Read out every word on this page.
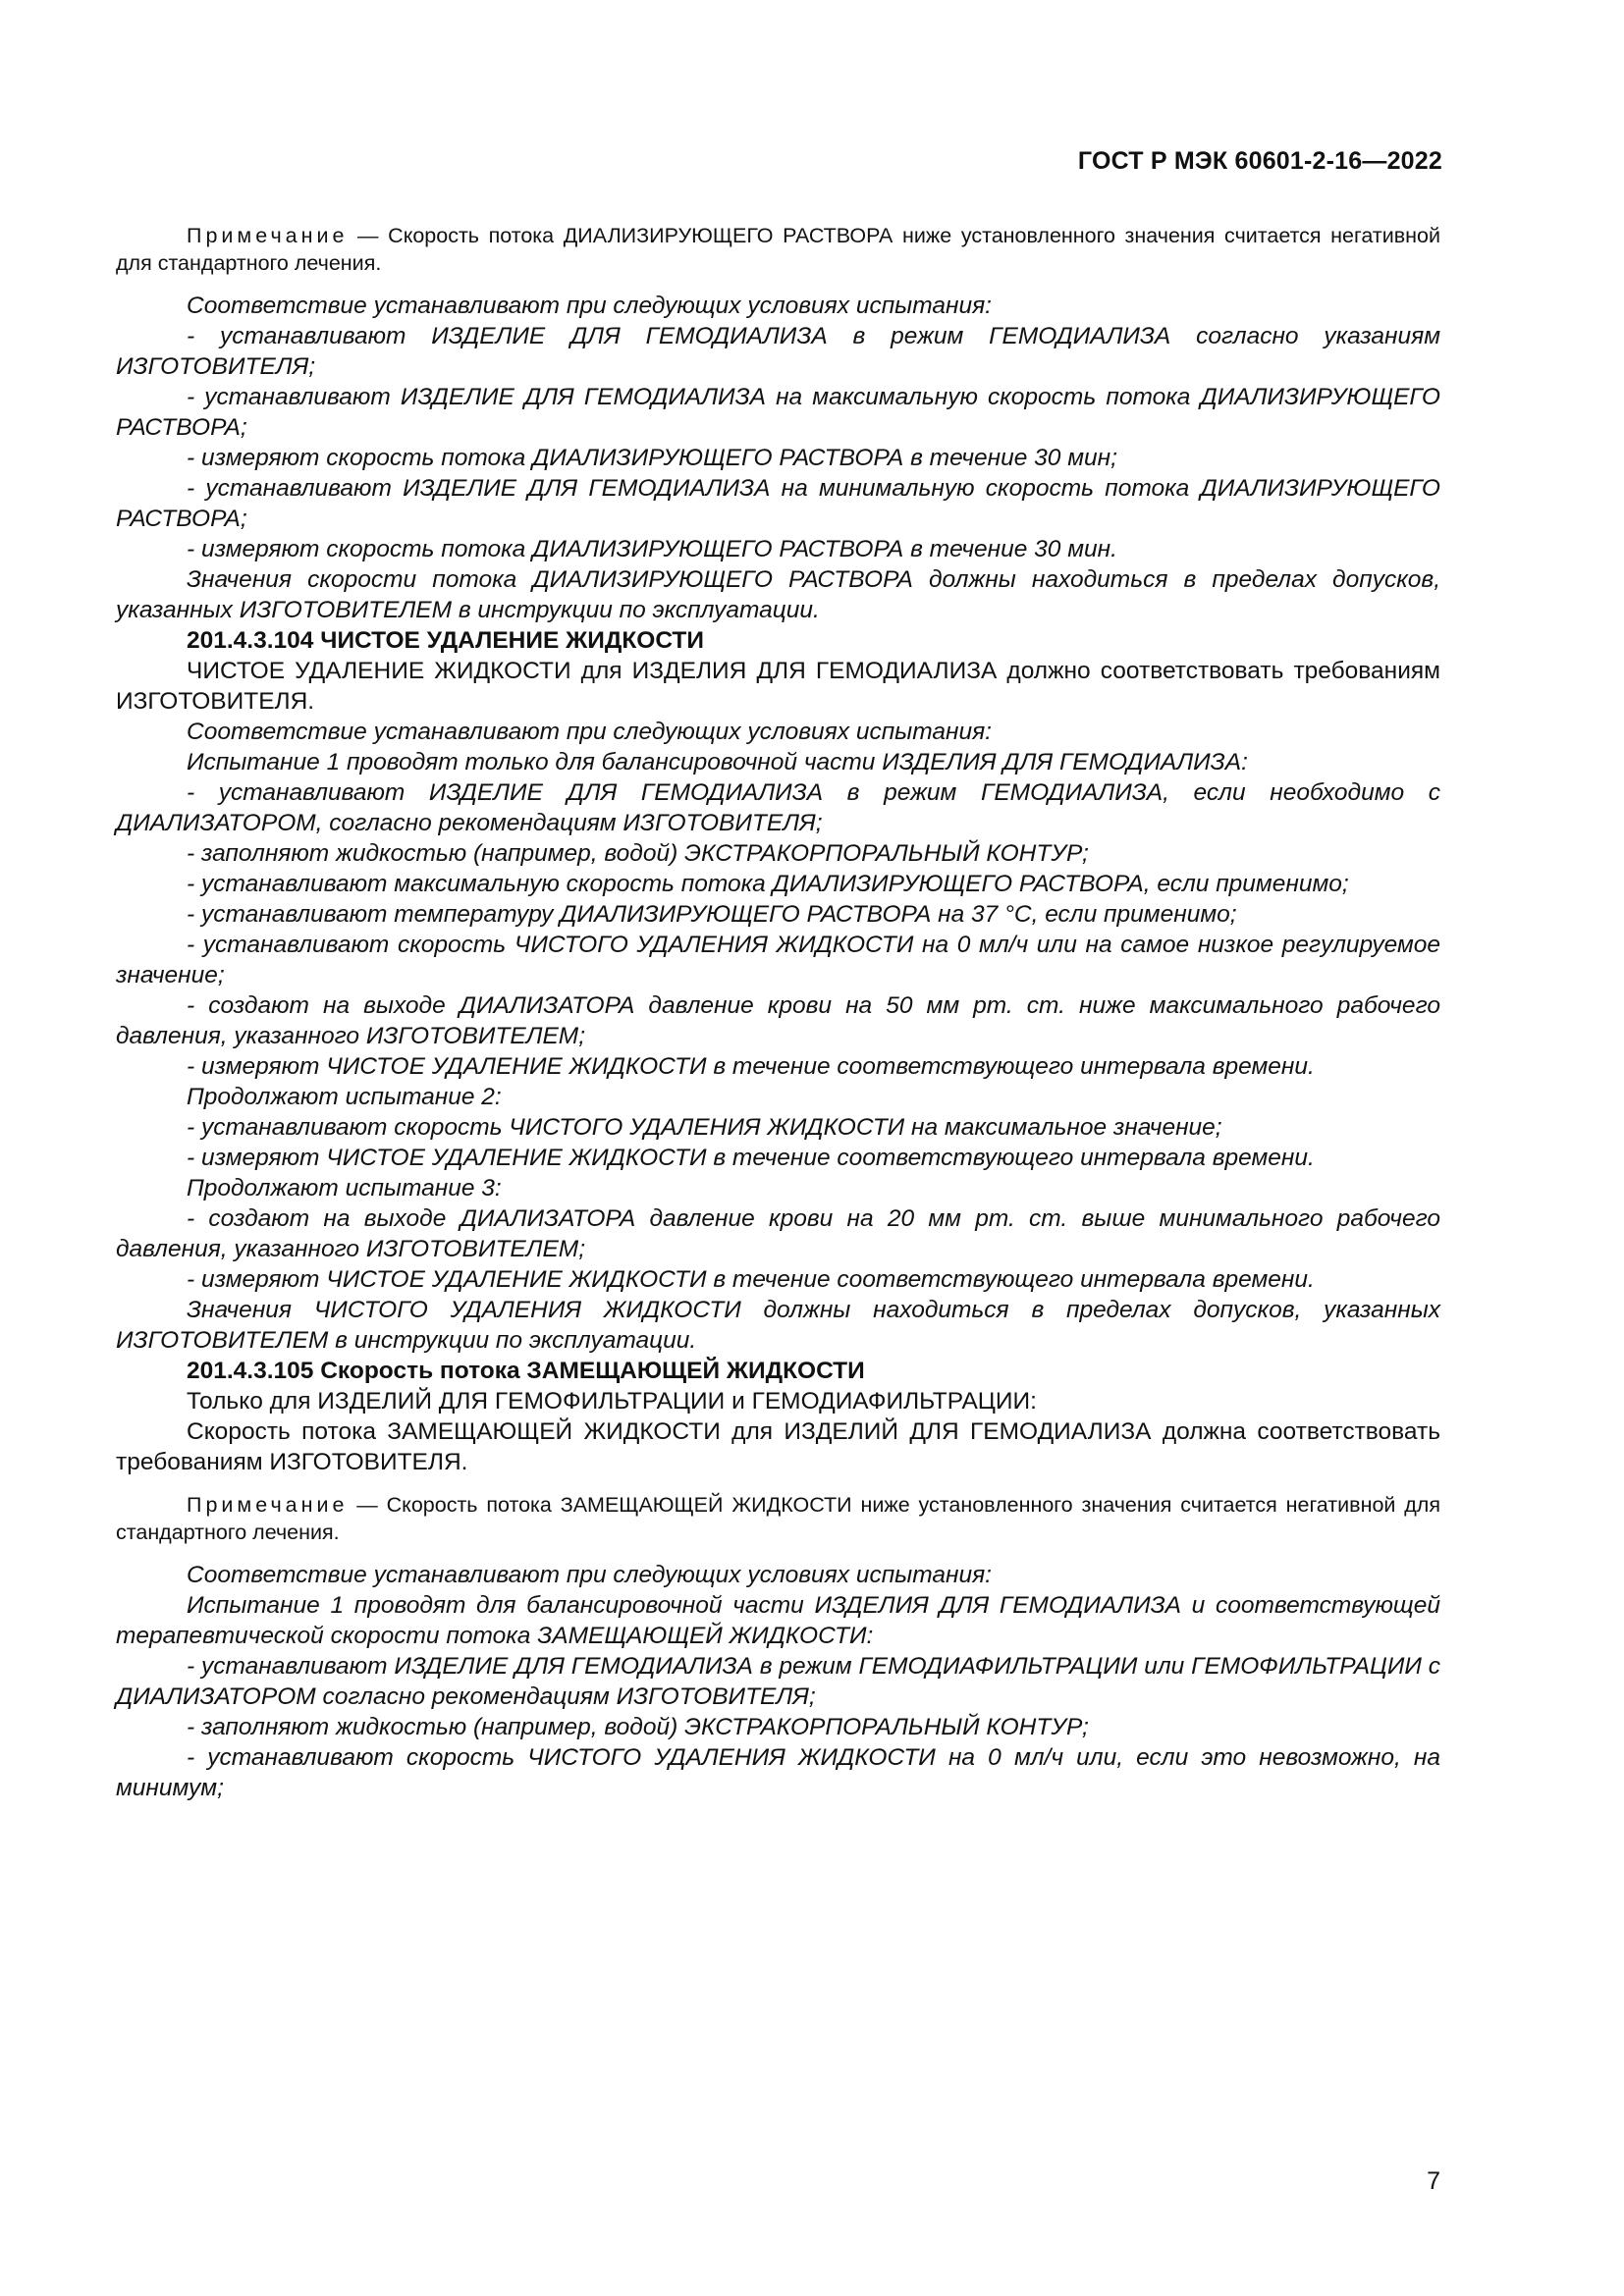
ГОСТ Р МЭК 60601-2-16—2022

Примечание — Скорость потока ДИАЛИЗИРУЮЩЕГО РАСТВОРА ниже установленного значения считается негативной для стандартного лечения.

Соответствие устанавливают при следующих условиях испытания:

- устанавливают ИЗДЕЛИЕ ДЛЯ ГЕМОДИАЛИЗА в режим ГЕМОДИАЛИЗА согласно указаниям ИЗГОТОВИТЕЛЯ;

- устанавливают ИЗДЕЛИЕ ДЛЯ ГЕМОДИАЛИЗА на максимальную скорость потока ДИАЛИЗИРУЮЩЕГО РАСТВОРА;

- измеряют скорость потока ДИАЛИЗИРУЮЩЕГО РАСТВОРА в течение 30 мин;

- устанавливают ИЗДЕЛИЕ ДЛЯ ГЕМОДИАЛИЗА на минимальную скорость потока ДИАЛИЗИРУЮЩЕГО РАСТВОРА;

- измеряют скорость потока ДИАЛИЗИРУЮЩЕГО РАСТВОРА в течение 30 мин.

Значения скорости потока ДИАЛИЗИРУЮЩЕГО РАСТВОРА должны находиться в пределах допусков, указанных ИЗГОТОВИТЕЛЕМ в инструкции по эксплуатации.

201.4.3.104 ЧИСТОЕ УДАЛЕНИЕ ЖИДКОСТИ

ЧИСТОЕ УДАЛЕНИЕ ЖИДКОСТИ для ИЗДЕЛИЯ ДЛЯ ГЕМОДИАЛИЗА должно соответствовать требованиям ИЗГОТОВИТЕЛЯ.

Соответствие устанавливают при следующих условиях испытания:

Испытание 1 проводят только для балансировочной части ИЗДЕЛИЯ ДЛЯ ГЕМОДИАЛИЗА:

- устанавливают ИЗДЕЛИЕ ДЛЯ ГЕМОДИАЛИЗА в режим ГЕМОДИАЛИЗА, если необходимо с ДИАЛИЗАТОРОМ, согласно рекомендациям ИЗГОТОВИТЕЛЯ;

- заполняют жидкостью (например, водой) ЭКСТРАКОРПОРАЛЬНЫЙ КОНТУР;

- устанавливают максимальную скорость потока ДИАЛИЗИРУЮЩЕГО РАСТВОРА, если применимо;

- устанавливают температуру ДИАЛИЗИРУЮЩЕГО РАСТВОРА на 37 °C, если применимо;

- устанавливают скорость ЧИСТОГО УДАЛЕНИЯ ЖИДКОСТИ на 0 мл/ч или на самое низкое регулируемое значение;

- создают на выходе ДИАЛИЗАТОРА давление крови на 50 мм рт. ст. ниже максимального рабочего давления, указанного ИЗГОТОВИТЕЛЕМ;

- измеряют ЧИСТОЕ УДАЛЕНИЕ ЖИДКОСТИ в течение соответствующего интервала времени.

Продолжают испытание 2:

- устанавливают скорость ЧИСТОГО УДАЛЕНИЯ ЖИДКОСТИ на максимальное значение;

- измеряют ЧИСТОЕ УДАЛЕНИЕ ЖИДКОСТИ в течение соответствующего интервала времени.

Продолжают испытание 3:

- создают на выходе ДИАЛИЗАТОРА давление крови на 20 мм рт. ст. выше минимального рабочего давления, указанного ИЗГОТОВИТЕЛЕМ;

- измеряют ЧИСТОЕ УДАЛЕНИЕ ЖИДКОСТИ в течение соответствующего интервала времени.

Значения ЧИСТОГО УДАЛЕНИЯ ЖИДКОСТИ должны находиться в пределах допусков, указанных ИЗГОТОВИТЕЛЕМ в инструкции по эксплуатации.

201.4.3.105 Скорость потока ЗАМЕЩАЮЩЕЙ ЖИДКОСТИ

Только для ИЗДЕЛИЙ ДЛЯ ГЕМОФИЛЬТРАЦИИ и ГЕМОДИАФИЛЬТРАЦИИ:

Скорость потока ЗАМЕЩАЮЩЕЙ ЖИДКОСТИ для ИЗДЕЛИЙ ДЛЯ ГЕМОДИАЛИЗА должна соответствовать требованиям ИЗГОТОВИТЕЛЯ.

Примечание — Скорость потока ЗАМЕЩАЮЩЕЙ ЖИДКОСТИ ниже установленного значения считается негативной для стандартного лечения.

Соответствие устанавливают при следующих условиях испытания:

Испытание 1 проводят для балансировочной части ИЗДЕЛИЯ ДЛЯ ГЕМОДИАЛИЗА и соответствующей терапевтической скорости потока ЗАМЕЩАЮЩЕЙ ЖИДКОСТИ:

- устанавливают ИЗДЕЛИЕ ДЛЯ ГЕМОДИАЛИЗА в режим ГЕМОДИАФИЛЬТРАЦИИ или ГЕМОФИЛЬТРАЦИИ с ДИАЛИЗАТОРОМ согласно рекомендациям ИЗГОТОВИТЕЛЯ;

- заполняют жидкостью (например, водой) ЭКСТРАКОРПОРАЛЬНЫЙ КОНТУР;

- устанавливают скорость ЧИСТОГО УДАЛЕНИЯ ЖИДКОСТИ на 0 мл/ч или, если это невозможно, на минимум;

7
